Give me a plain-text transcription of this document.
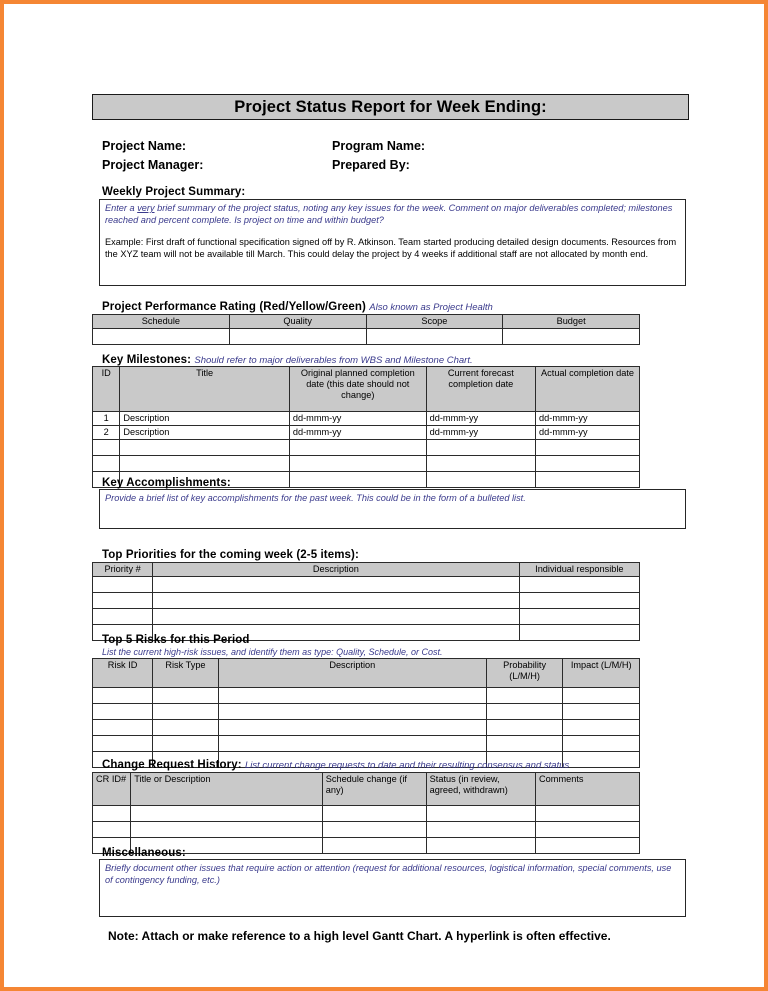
Project Status Report for Week Ending:
Project Name:	Program Name:
Project Manager:	Prepared By:
Weekly Project Summary:
Enter a very brief summary of the project status, noting any key issues for the week. Comment on major deliverables completed; milestones reached and percent complete. Is project on time and within budget?
Example: First draft of functional specification signed off by R. Atkinson. Team started producing detailed design documents. Resources from the XYZ team will not be available till March. This could delay the project by 4 weeks if additional staff are not allocated by month end.
Project Performance Rating (Red/Yellow/Green) Also known as Project Health
Schedule	Quality	Scope	Budget

Key Milestones: Should refer to major deliverables from WBS and Milestone Chart.
ID	Title	Original planned completion date (this date should not change)	Current forecast completion date	Actual completion date
1	Description	dd-mmm-yy	dd-mmm-yy	dd-mmm-yy
2	Description	dd-mmm-yy	dd-mmm-yy	dd-mmm-yy

Key Accomplishments:
Provide a brief list of key accomplishments for the past week. This could be in the form of a bulleted list.
Top Priorities for the coming week (2-5 items):
Priority #	Description	Individual responsible

Top 5 Risks for this Period
List the current high-risk issues, and identify them as type: Quality, Schedule, or Cost.
Risk ID	Risk Type	Description	Probability (L/M/H)	Impact (L/M/H)

Change Request History: List current change requests to date and their resulting consensus and status
CR ID#	Title or Description	Schedule change (if any)	Status (in review, agreed, withdrawn)	Comments

Miscellaneous:
Briefly document other issues that require action or attention (request for additional resources, logistical information, special comments, use of contingency funding, etc.)
Note: Attach or make reference to a high level Gantt Chart. A hyperlink is often effective.
